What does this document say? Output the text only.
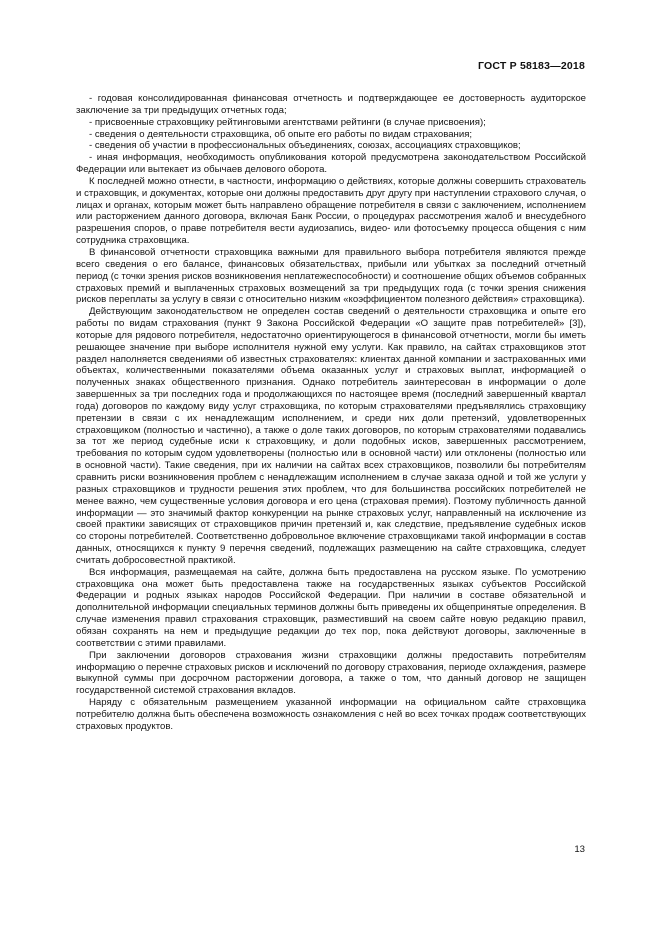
ГОСТ Р 58183—2018

- годовая консолидированная финансовая отчетность и подтверждающее ее достоверность аудиторское заключение за три предыдущих отчетных года;

- присвоенные страховщику рейтинговыми агентствами рейтинги (в случае присвоения);

- сведения о деятельности страховщика, об опыте его работы по видам страхования;

- сведения об участии в профессиональных объединениях, союзах, ассоциациях страховщиков;

- иная информация, необходимость опубликования которой предусмотрена законодательством Российской Федерации или вытекает из обычаев делового оборота.

К последней можно отнести, в частности, информацию о действиях, которые должны совершить страхователь и страховщик, и документах, которые они должны предоставить друг другу при наступлении страхового случая, о лицах и органах, которым может быть направлено обращение потребителя в связи с заключением, исполнением или расторжением данного договора, включая Банк России, о процедурах рассмотрения жалоб и внесудебного разрешения споров, о праве потребителя вести аудиозапись, видео- или фотосъемку процесса общения с ним сотрудника страховщика.

В финансовой отчетности страховщика важными для правильного выбора потребителя являются прежде всего сведения о его балансе, финансовых обязательствах, прибыли или убытках за последний отчетный период (с точки зрения рисков возникновения неплатежеспособности) и соотношение общих объемов собранных страховых премий и выплаченных страховых возмещений за три предыдущих года (с точки зрения снижения рисков переплаты за услугу в связи с относительно низким «коэффициентом полезного действия» страховщика).

Действующим законодательством не определен состав сведений о деятельности страховщика и опыте его работы по видам страхования (пункт 9 Закона Российской Федерации «О защите прав потребителей» [3]), которые для рядового потребителя, недостаточно ориентирующегося в финансовой отчетности, могли бы иметь решающее значение при выборе исполнителя нужной ему услуги. Как правило, на сайтах страховщиков этот раздел наполняется сведениями об известных страхователях: клиентах данной компании и застрахованных ими объектах, количественными показателями объема оказанных услуг и страховых выплат, информацией о полученных знаках общественного признания. Однако потребитель заинтересован в информации о доле завершенных за три последних года и продолжающихся по настоящее время (последний завершенный квартал года) договоров по каждому виду услуг страховщика, по которым страхователями предъявлялись страховщику претензии в связи с их ненадлежащим исполнением, и среди них доли претензий, удовлетворенных страховщиком (полностью и частично), а также о доле таких договоров, по которым страхователями подавались за тот же период судебные иски к страховщику, и доли подобных исков, завершенных рассмотрением, требования по которым судом удовлетворены (полностью или в основной части) или отклонены (полностью или в основной части). Такие сведения, при их наличии на сайтах всех страховщиков, позволили бы потребителям сравнить риски возникновения проблем с ненадлежащим исполнением в случае заказа одной и той же услуги у разных страховщиков и трудности решения этих проблем, что для большинства российских потребителей не менее важно, чем существенные условия договора и его цена (страховая премия). Поэтому публичность данной информации — это значимый фактор конкуренции на рынке страховых услуг, направленный на исключение из своей практики зависящих от страховщиков причин претензий и, как следствие, предъявление судебных исков со стороны потребителей. Соответственно добровольное включение страховщиками такой информации в состав данных, относящихся к пункту 9 перечня сведений, подлежащих размещению на сайте страховщика, следует считать добросовестной практикой.

Вся информация, размещаемая на сайте, должна быть предоставлена на русском языке. По усмотрению страховщика она может быть предоставлена также на государственных языках субъектов Российской Федерации и родных языках народов Российской Федерации. При наличии в составе обязательной и дополнительной информации специальных терминов должны быть приведены их общепринятые определения. В случае изменения правил страхования страховщик, разместивший на своем сайте новую редакцию правил, обязан сохранять на нем и предыдущие редакции до тех пор, пока действуют договоры, заключенные в соответствии с этими правилами.

При заключении договоров страхования жизни страховщики должны предоставить потребителям информацию о перечне страховых рисков и исключений по договору страхования, периоде охлаждения, размере выкупной суммы при досрочном расторжении договора, а также о том, что данный договор не защищен государственной системой страхования вкладов.

Наряду с обязательным размещением указанной информации на официальном сайте страховщика потребителю должна быть обеспечена возможность ознакомления с ней во всех точках продаж соответствующих страховых продуктов.

13
